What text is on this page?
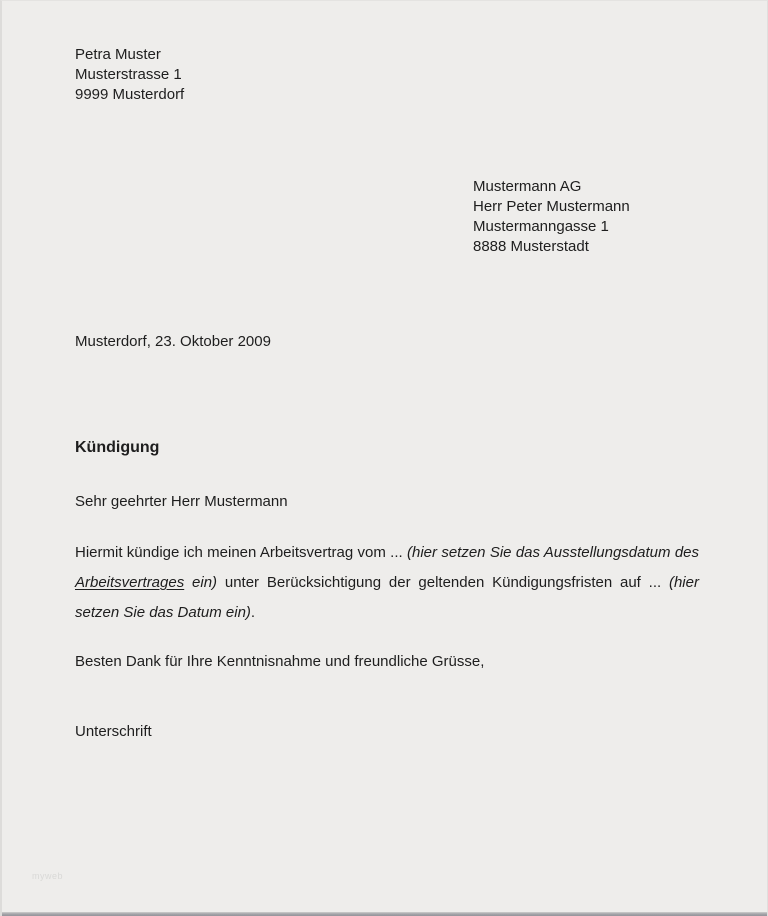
Petra Muster
Musterstrasse 1
9999 Musterdorf
Mustermann AG
Herr Peter Mustermann
Mustermanngasse 1
8888 Musterstadt
Musterdorf, 23. Oktober 2009
Kündigung
Sehr geehrter Herr Mustermann
Hiermit kündige ich meinen Arbeitsvertrag vom ... (hier setzen Sie das Ausstellungsdatum des Arbeitsvertrages ein) unter Berücksichtigung der geltenden Kündigungsfristen auf ... (hier setzen Sie das Datum ein).
Besten Dank für Ihre Kenntnisnahme und freundliche Grüsse,
Unterschrift
myweb
